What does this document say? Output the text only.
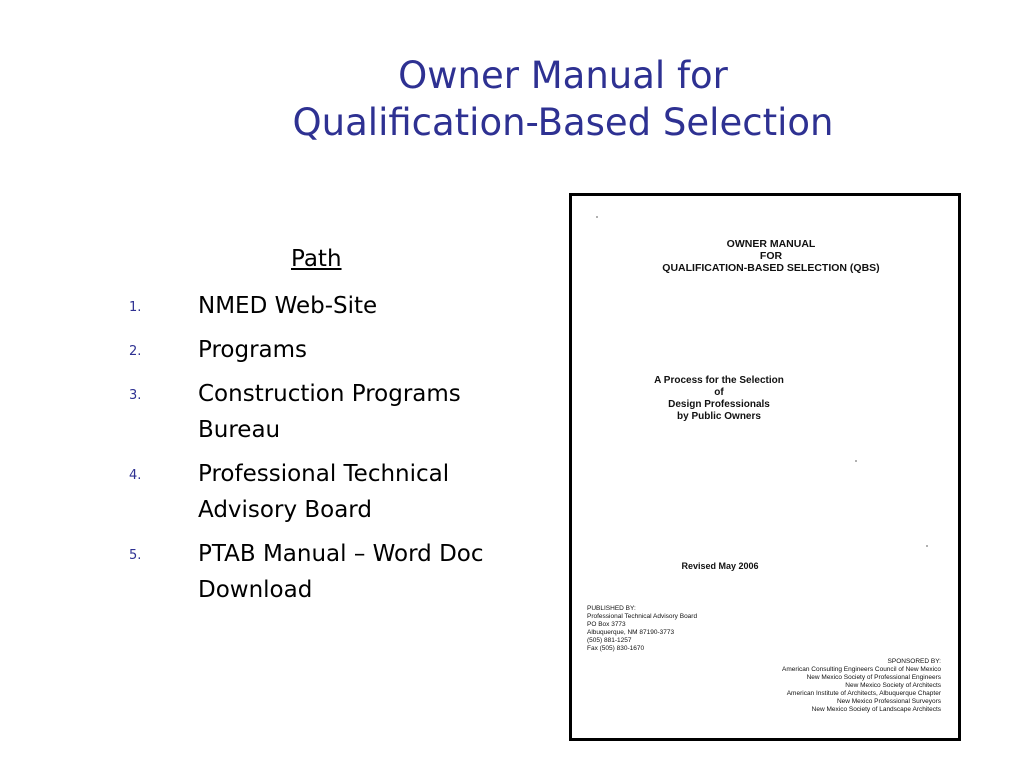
Owner Manual for
Qualification-Based Selection
Path
1. NMED Web-Site
2. Programs
3. Construction Programs Bureau
4. Professional Technical Advisory Board
5. PTAB Manual – Word Doc Download
OWNER MANUAL
FOR
QUALIFICATION-BASED SELECTION (QBS)
A Process for the Selection
of
Design Professionals
by Public Owners
Revised May 2006
PUBLISHED BY:
Professional Technical Advisory Board
PO Box 3773
Albuquerque, NM 87190-3773
(505) 881-1257
Fax (505) 830-1670
SPONSORED BY:
American Consulting Engineers Council of New Mexico
New Mexico Society of Professional Engineers
New Mexico Society of Architects
American Institute of Architects, Albuquerque Chapter
New Mexico Professional Surveyors
New Mexico Society of Landscape Architects
